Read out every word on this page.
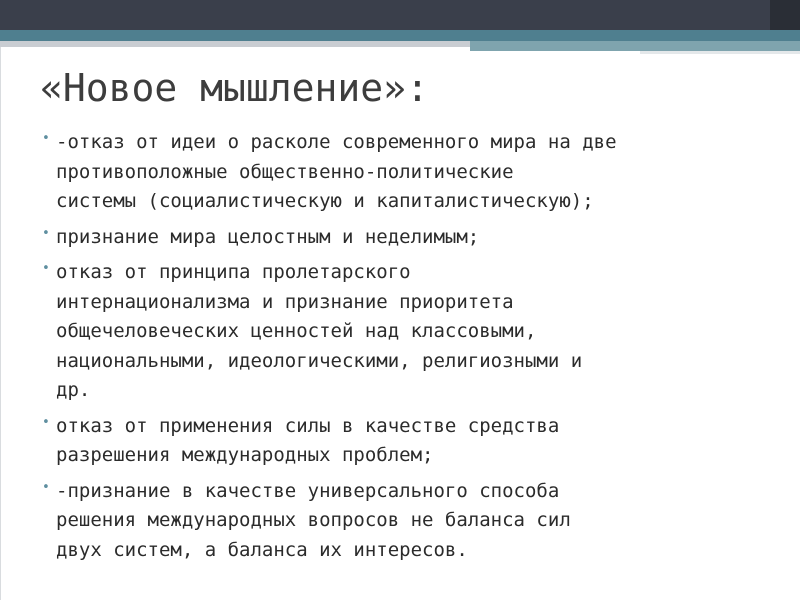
«Новое мышление»:
• -отказ от идеи о расколе современного мира на две
противоположные общественно-политические
системы (социалистическую и капиталистическую);
• признание мира целостным и неделимым;
• отказ от принципа пролетарского
интернационализма и признание приоритета
общечеловеческих ценностей над классовыми,
национальными, идеологическими, религиозными и
др.
• отказ от применения силы в качестве средства
разрешения международных проблем;
• -признание в качестве универсального способа
решения международных вопросов не баланса сил
двух систем, а баланса их интересов.
